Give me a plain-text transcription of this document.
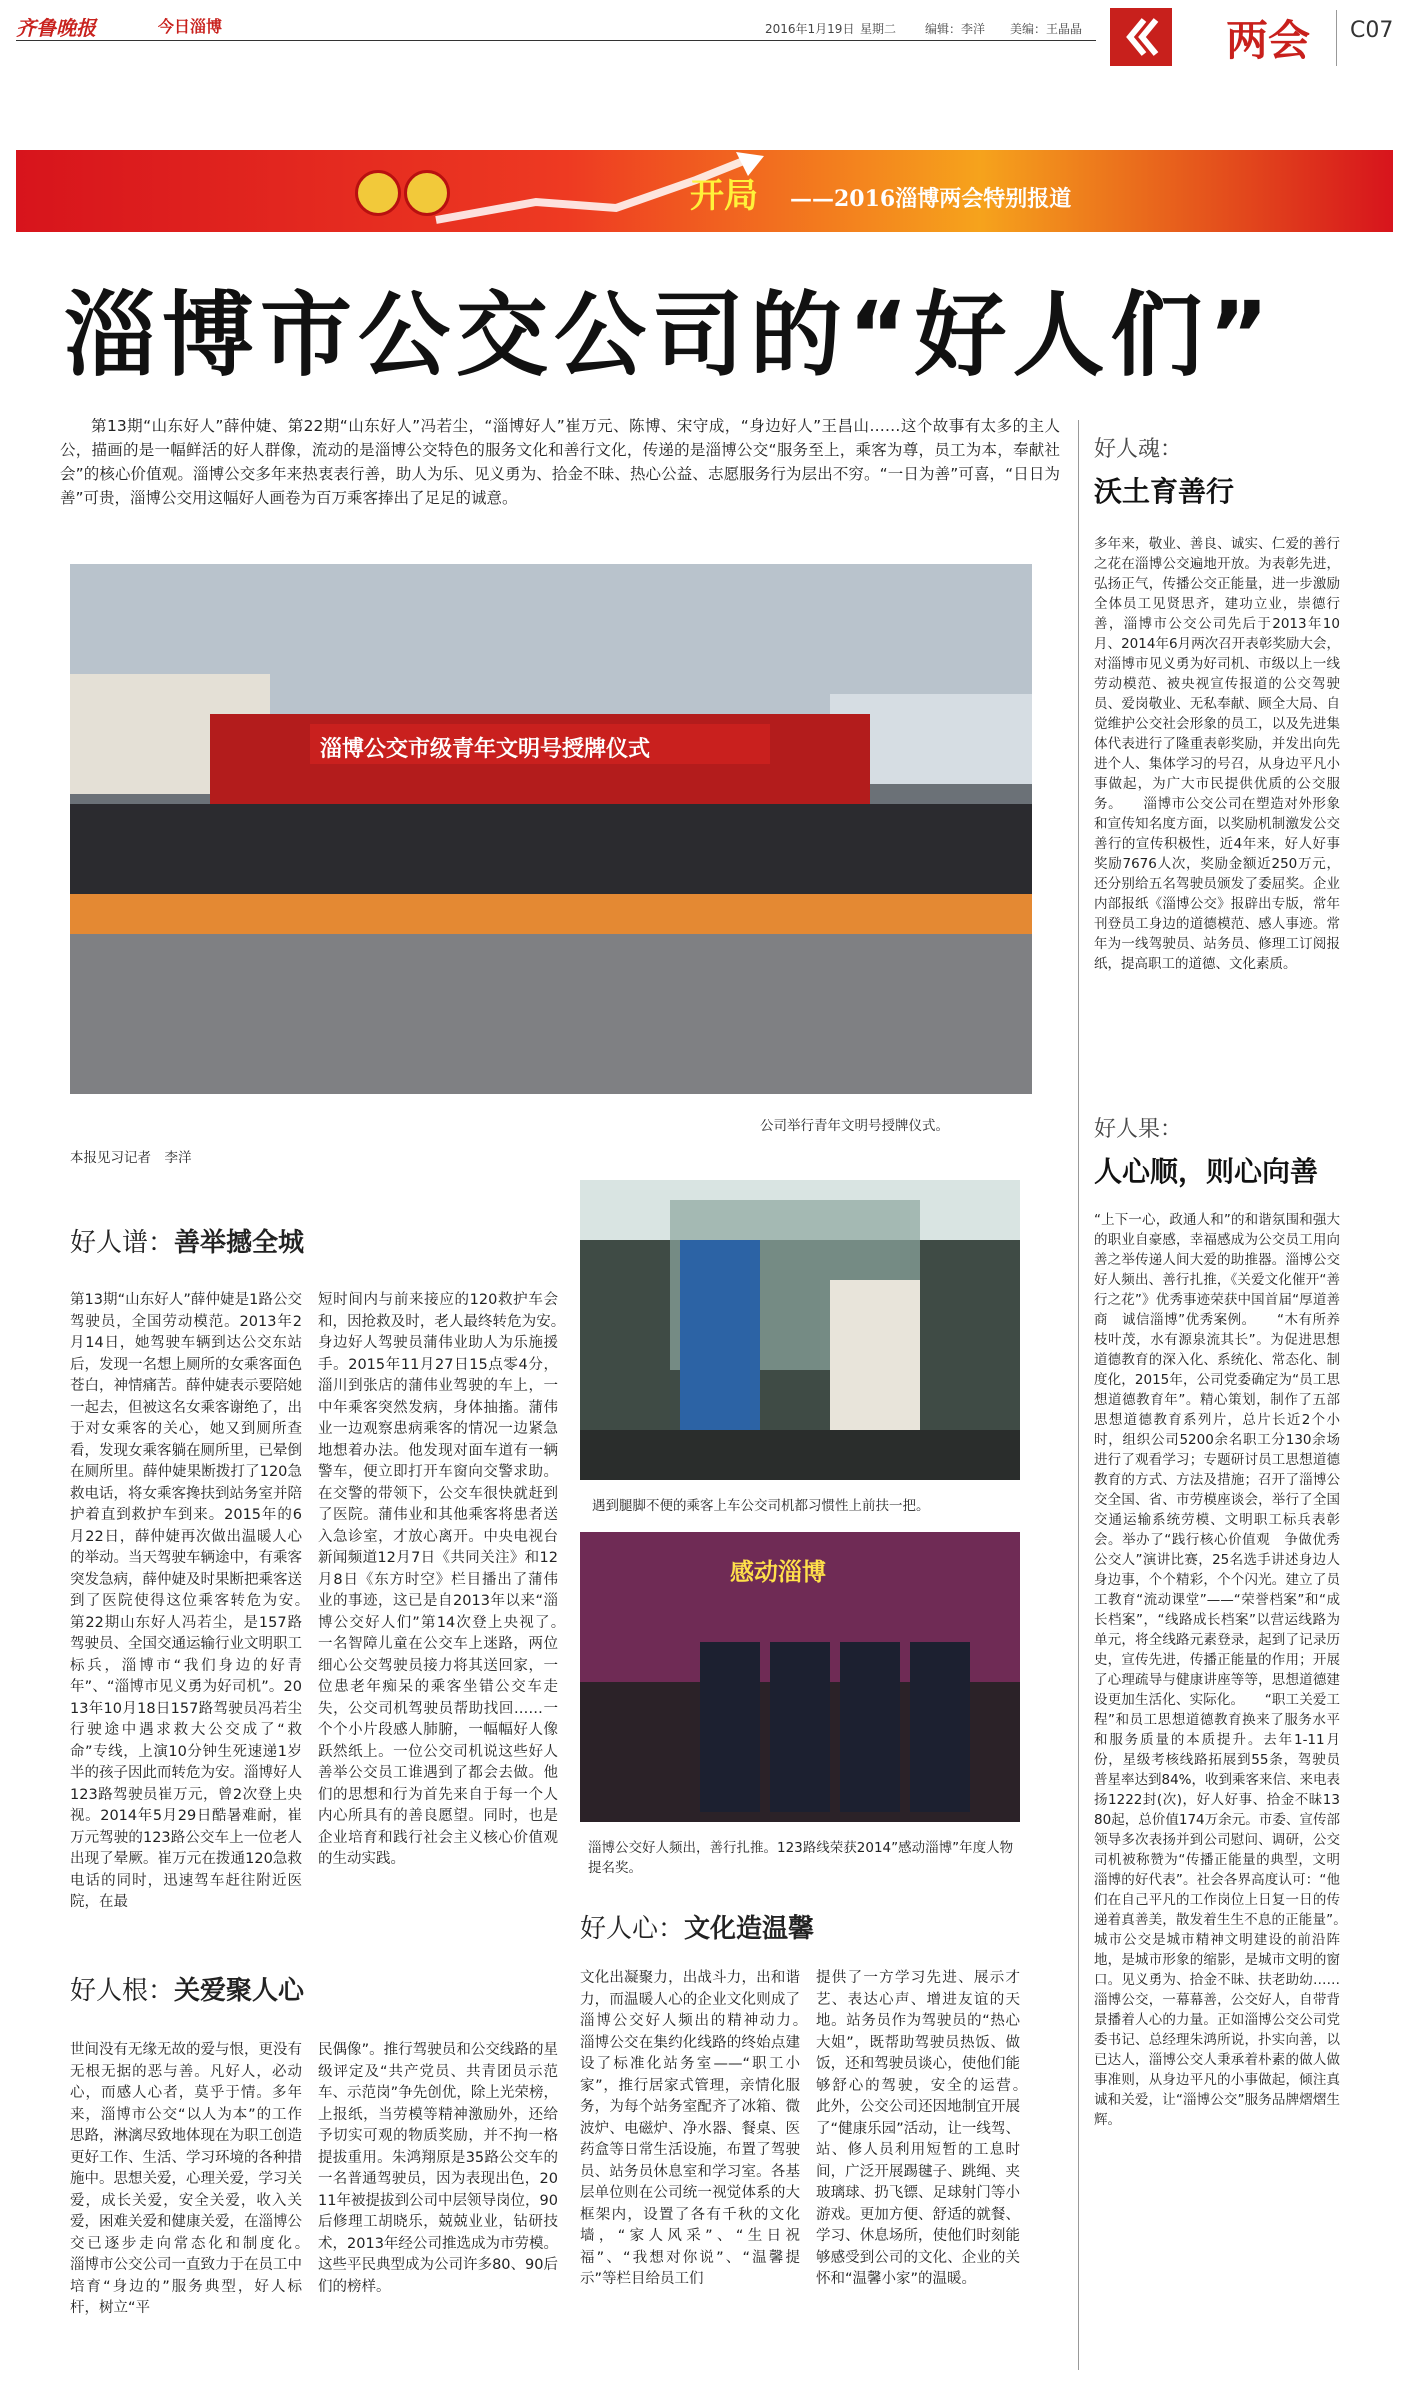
齐鲁晚报	今日淄博	2016年1月19日 星期二 编辑：李洋 美编：王晶晶	两会 C07
开局 ——2016淄博两会特别报道
淄博市公交公司的“好人们”
第13期“山东好人”薛仲婕、第22期“山东好人”冯若尘，“淄博好人”崔万元、陈博、宋守成，“身边好人”王昌山……这个故事有太多的主人公，描画的是一幅鲜活的好人群像，流动的是淄博公交特色的服务文化和善行文化，传递的是淄博公交“服务至上，乘客为尊，员工为本，奉献社会”的核心价值观。淄博公交多年来热衷表行善，助人为乐、见义勇为、拾金不昧、热心公益、志愿服务行为层出不穷。“一日为善”可喜，“日日为善”可贵，淄博公交用这幅好人画卷为百万乘客捧出了足足的诚意。
淄博公交市级青年文明号授牌仪式
公司举行青年文明号授牌仪式。
本报见习记者　李洋
遇到腿脚不便的乘客上车公交司机都习惯性上前扶一把。
感动淄博
淄博公交好人频出，善行扎推。123路线荣获2014”感动淄博”年度人物提名奖。
好人谱：善举撼全城
第13期“山东好人”薛仲婕是1路公交驾驶员，全国劳动模范。2013年2月14日，她驾驶车辆到达公交东站后，发现一名想上厕所的女乘客面色苍白，神情痛苦。薛仲婕表示要陪她一起去，但被这名女乘客谢绝了，出于对女乘客的关心，她又到厕所查看，发现女乘客躺在厕所里，已晕倒在厕所里。薛仲婕果断拨打了120急救电话，将女乘客搀扶到站务室并陪护着直到救护车到来。2015年的6月22日，薛仲婕再次做出温暖人心的举动。当天驾驶车辆途中，有乘客突发急病，薛仲婕及时果断把乘客送到了医院使得这位乘客转危为安。　　第22期山东好人冯若尘，是157路驾驶员、全国交通运输行业文明职工标兵，淄博市“我们身边的好青年”、“淄博市见义勇为好司机”。2013年10月18日157路驾驶员冯若尘行驶途中遇求救大公交成了“救命”专线，上演10分钟生死速递1岁半的孩子因此而转危为安。淄博好人123路驾驶员崔万元，曾2次登上央视。2014年5月29日酷暑难耐，崔万元驾驶的123路公交车上一位老人出现了晕厥。崔万元在拨通120急救电话的同时，迅速驾车赶往附近医院，在最
短时间内与前来接应的120救护车会和，因抢救及时，老人最终转危为安。　　身边好人驾驶员蒲伟业助人为乐施援手。2015年11月27日15点零4分，淄川到张店的蒲伟业驾驶的车上，一中年乘客突然发病，身体抽搐。蒲伟业一边观察患病乘客的情况一边紧急地想着办法。他发现对面车道有一辆警车，便立即打开车窗向交警求助。在交警的带领下，公交车很快就赶到了医院。蒲伟业和其他乘客将患者送入急诊室，才放心离开。中央电视台新闻频道12月7日《共同关注》和12月8日《东方时空》栏目播出了蒲伟业的事迹，这已是自2013年以来“淄博公交好人们”第14次登上央视了。　　一名智障儿童在公交车上迷路，两位细心公交驾驶员接力将其送回家，一位患老年痴呆的乘客坐错公交车走失，公交司机驾驶员帮助找回……一个个小片段感人肺腑，一幅幅好人像跃然纸上。一位公交司机说这些好人善举公交员工谁遇到了都会去做。他们的思想和行为首先来自于每一个人内心所具有的善良愿望。同时，也是企业培育和践行社会主义核心价值观的生动实践。
好人根：关爱聚人心
世间没有无缘无故的爱与恨，更没有无根无据的恶与善。凡好人，必动心，而感人心者，莫乎于情。多年来，淄博市公交“以人为本”的工作思路，淋漓尽致地体现在为职工创造更好工作、生活、学习环境的各种措施中。思想关爱，心理关爱，学习关爱，成长关爱，安全关爱，收入关爱，困难关爱和健康关爱，在淄博公交已逐步走向常态化和制度化。　　淄博市公交公司一直致力于在员工中培育“身边的”服务典型，好人标杆，树立“平
民偶像”。推行驾驶员和公交线路的星级评定及“共产党员、共青团员示范车、示范岗”争先创优，除上光荣榜，上报纸，当劳模等精神激励外，还给予切实可观的物质奖励，并不拘一格提拔重用。朱鸿翔原是35路公交车的一名普通驾驶员，因为表现出色，2011年被提拔到公司中层领导岗位，90后修理工胡晓乐，兢兢业业，钻研技术，2013年经公司推选成为市劳模。这些平民典型成为公司许多80、90后们的榜样。
好人心：文化造温馨
文化出凝聚力，出战斗力，出和谐力，而温暖人心的企业文化则成了淄博公交好人频出的精神动力。　　淄博公交在集约化线路的终始点建设了标准化站务室——“职工小家”，推行居家式管理，亲情化服务，为每个站务室配齐了冰箱、微波炉、电磁炉、净水器、餐桌、医药盒等日常生活设施，布置了驾驶员、站务员休息室和学习室。各基层单位则在公司统一视觉体系的大框架内，设置了各有千秋的文化墙，“家人风采”、“生日祝福”、“我想对你说”、“温馨提示”等栏目给员工们
提供了一方学习先进、展示才艺、表达心声、增进友谊的天地。站务员作为驾驶员的“热心大姐”，既帮助驾驶员热饭、做饭，还和驾驶员谈心，使他们能够舒心的驾驶，安全的运营。　　此外，公交公司还因地制宜开展了“健康乐园”活动，让一线驾、站、修人员利用短暂的工息时间，广泛开展踢毽子、跳绳、夹玻璃球、扔飞镖、足球射门等小游戏。更加方便、舒适的就餐、学习、休息场所，使他们时刻能够感受到公司的文化、企业的关怀和“温馨小家”的温暖。
好人魂：
沃土育善行
多年来，敬业、善良、诚实、仁爱的善行之花在淄博公交遍地开放。为表彰先进，弘扬正气，传播公交正能量，进一步激励全体员工见贤思齐，建功立业，崇德行善，淄博市公交公司先后于2013年10月、2014年6月两次召开表彰奖励大会，对淄博市见义勇为好司机、市级以上一线劳动模范、被央视宣传报道的公交驾驶员、爱岗敬业、无私奉献、顾全大局、自觉维护公交社会形象的员工，以及先进集体代表进行了隆重表彰奖励，并发出向先进个人、集体学习的号召，从身边平凡小事做起，为广大市民提供优质的公交服务。　　淄博市公交公司在塑造对外形象和宣传知名度方面，以奖励机制激发公交善行的宣传积极性，近4年来，好人好事奖励7676人次，奖励金额近250万元，还分别给五名驾驶员颁发了委屈奖。企业内部报纸《淄博公交》报辟出专版，常年刊登员工身边的道德模范、感人事迹。常年为一线驾驶员、站务员、修理工订阅报纸，提高职工的道德、文化素质。
好人果：
人心顺，则心向善
“上下一心，政通人和”的和谐氛围和强大的职业自豪感，幸福感成为公交员工用向善之举传递人间大爱的助推器。淄博公交好人频出、善行扎推，《关爱文化催开“善行之花”》优秀事迹荣获中国首届“厚道善商　诚信淄博”优秀案例。　　“木有所养枝叶茂，水有源泉流其长”。为促进思想道德教育的深入化、系统化、常态化、制度化，2015年，公司党委确定为“员工思想道德教育年”。精心策划，制作了五部思想道德教育系列片，总片长近2个小时，组织公司5200余名职工分130余场进行了观看学习；专题研讨员工思想道德教育的方式、方法及措施；召开了淄博公交全国、省、市劳模座谈会，举行了全国交通运输系统劳模、文明职工标兵表彰会。举办了“践行核心价值观　争做优秀公交人”演讲比赛，25名选手讲述身边人身边事，个个精彩，个个闪光。建立了员工教育“流动课堂”——“荣誉档案”和“成长档案”，“线路成长档案”以营运线路为单元，将全线路元素登录，起到了记录历史，宣传先进，传播正能量的作用；开展了心理疏导与健康讲座等等，思想道德建设更加生活化、实际化。　　“职工关爱工程”和员工思想道德教育换来了服务水平和服务质量的本质提升。去年1-11月份，星级考核线路拓展到55条，驾驶员普星率达到84%，收到乘客来信、来电表扬1222封(次)，好人好事、拾金不昧1380起，总价值174万余元。市委、宣传部领导多次表扬并到公司慰问、调研，公交司机被称赞为“传播正能量的典型，文明淄博的好代表”。社会各界高度认可：“他们在自己平凡的工作岗位上日复一日的传递着真善美，散发着生生不息的正能量”。　　城市公交是城市精神文明建设的前沿阵地，是城市形象的缩影，是城市文明的窗口。见义勇为、拾金不昧、扶老助幼……淄博公交，一幕幕善，公交好人，自带背景播着人心的力量。正如淄博公交公司党委书记、总经理朱鸿所说，扑实向善，以已达人，淄博公交人秉承着朴素的做人做事准则，从身边平凡的小事做起，倾注真诚和关爱，让“淄博公交”服务品牌熠熠生辉。
